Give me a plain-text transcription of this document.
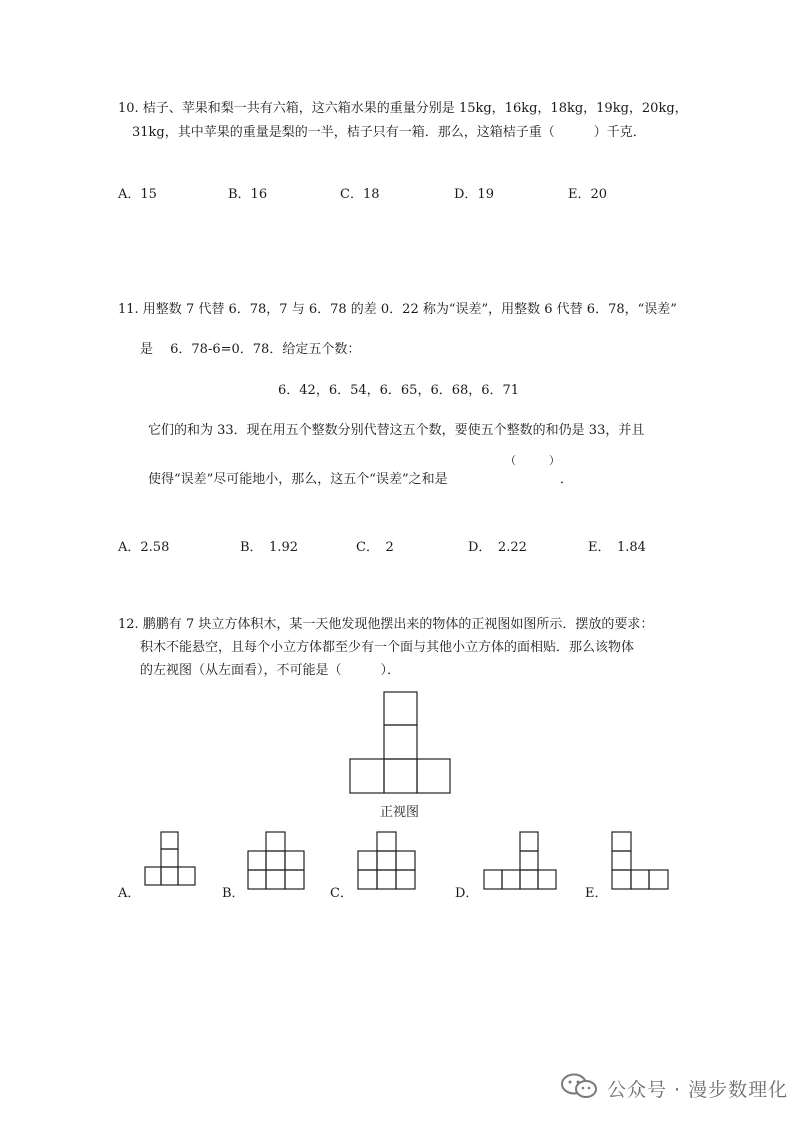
10. 桔子、苹果和梨一共有六箱，这六箱水果的重量分别是 15kg，16kg，18kg，19kg，20kg，
31kg，其中苹果的重量是梨的一半，桔子只有一箱．那么，这箱桔子重（　　　）千克．
A．15	B．16	C．18	D．19	E．20
11. 用整数 7 代替 6．78，7 与 6．78 的差 0．22 称为“误差”，用整数 6 代替 6．78，“误差”
是　 6．78-6=0．78．给定五个数：
6．42，6．54，6．65，6．68，6．71
它们的和为 33．现在用五个整数分别代替这五个数，要使五个整数的和仍是 33，并且
（　　　）
使得“误差”尽可能地小，那么，这五个“误差”之和是	．
A．2.58	B．　1.92	C．　2	D．　2.22	E．　1.84
12. 鹏鹏有 7 块立方体积木，某一天他发现他摆出来的物体的正视图如图所示．摆放的要求：
积木不能悬空，且每个小立方体都至少有一个面与其他小立方体的面相贴．那么该物体
的左视图（从左面看），不可能是（　　　）．
正视图
A．	B．	C．	D．	E．
公众号 · 漫步数理化
